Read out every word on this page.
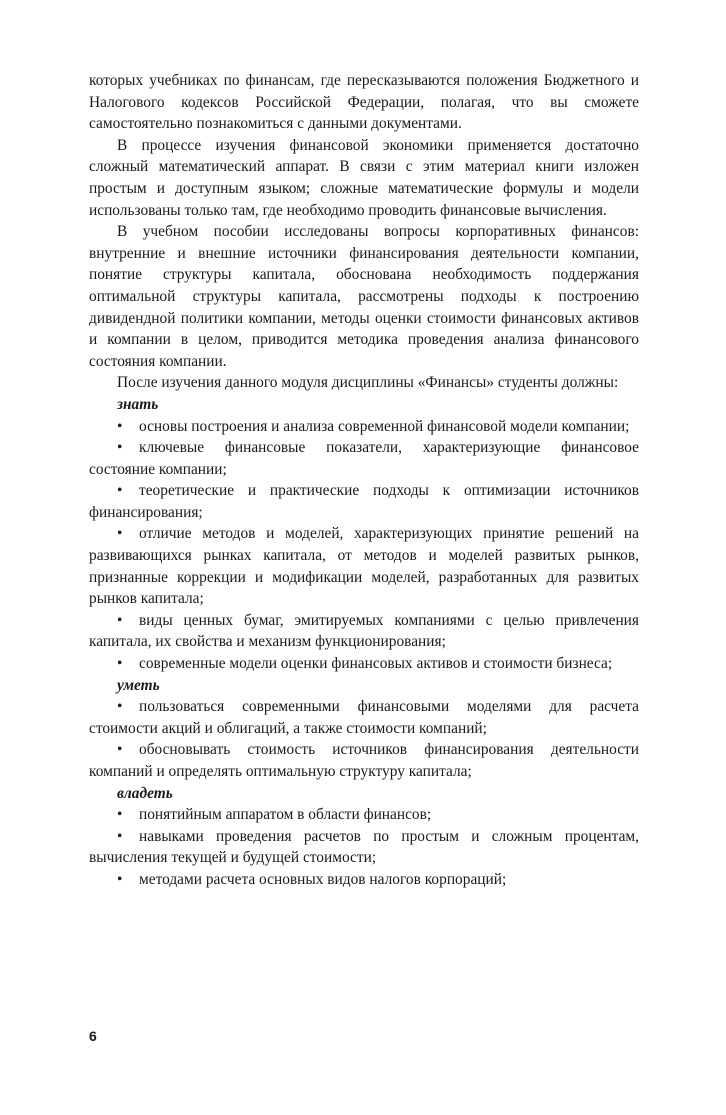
которых учебниках по финансам, где пересказываются положения Бюджетного и Налогового кодексов Российской Федерации, полагая, что вы сможете самостоятельно познакомиться с данными документами.

В процессе изучения финансовой экономики применяется достаточно сложный математический аппарат. В связи с этим материал книги изложен простым и доступным языком; сложные математические формулы и модели использованы только там, где необходимо проводить финансовые вычисления.

В учебном пособии исследованы вопросы корпоративных финансов: внутренние и внешние источники финансирования деятельности компании, понятие структуры капитала, обоснована необходимость поддержания оптимальной структуры капитала, рассмотрены подходы к построению дивидендной политики компании, методы оценки стоимости финансовых активов и компании в целом, приводится методика проведения анализа финансового состояния компании.

После изучения данного модуля дисциплины «Финансы» студенты должны:

знать

• основы построения и анализа современной финансовой модели компании;

• ключевые финансовые показатели, характеризующие финансовое состояние компании;

• теоретические и практические подходы к оптимизации источников финансирования;

• отличие методов и моделей, характеризующих принятие решений на развивающихся рынках капитала, от методов и моделей развитых рынков, признанные коррекции и модификации моделей, разработанных для развитых рынков капитала;

• виды ценных бумаг, эмитируемых компаниями с целью привлечения капитала, их свойства и механизм функционирования;

• современные модели оценки финансовых активов и стоимости бизнеса;

уметь

• пользоваться современными финансовыми моделями для расчета стоимости акций и облигаций, а также стоимости компаний;

• обосновывать стоимость источников финансирования деятельности компаний и определять оптимальную структуру капитала;

владеть

• понятийным аппаратом в области финансов;

• навыками проведения расчетов по простым и сложным процентам, вычисления текущей и будущей стоимости;

• методами расчета основных видов налогов корпораций;

6
